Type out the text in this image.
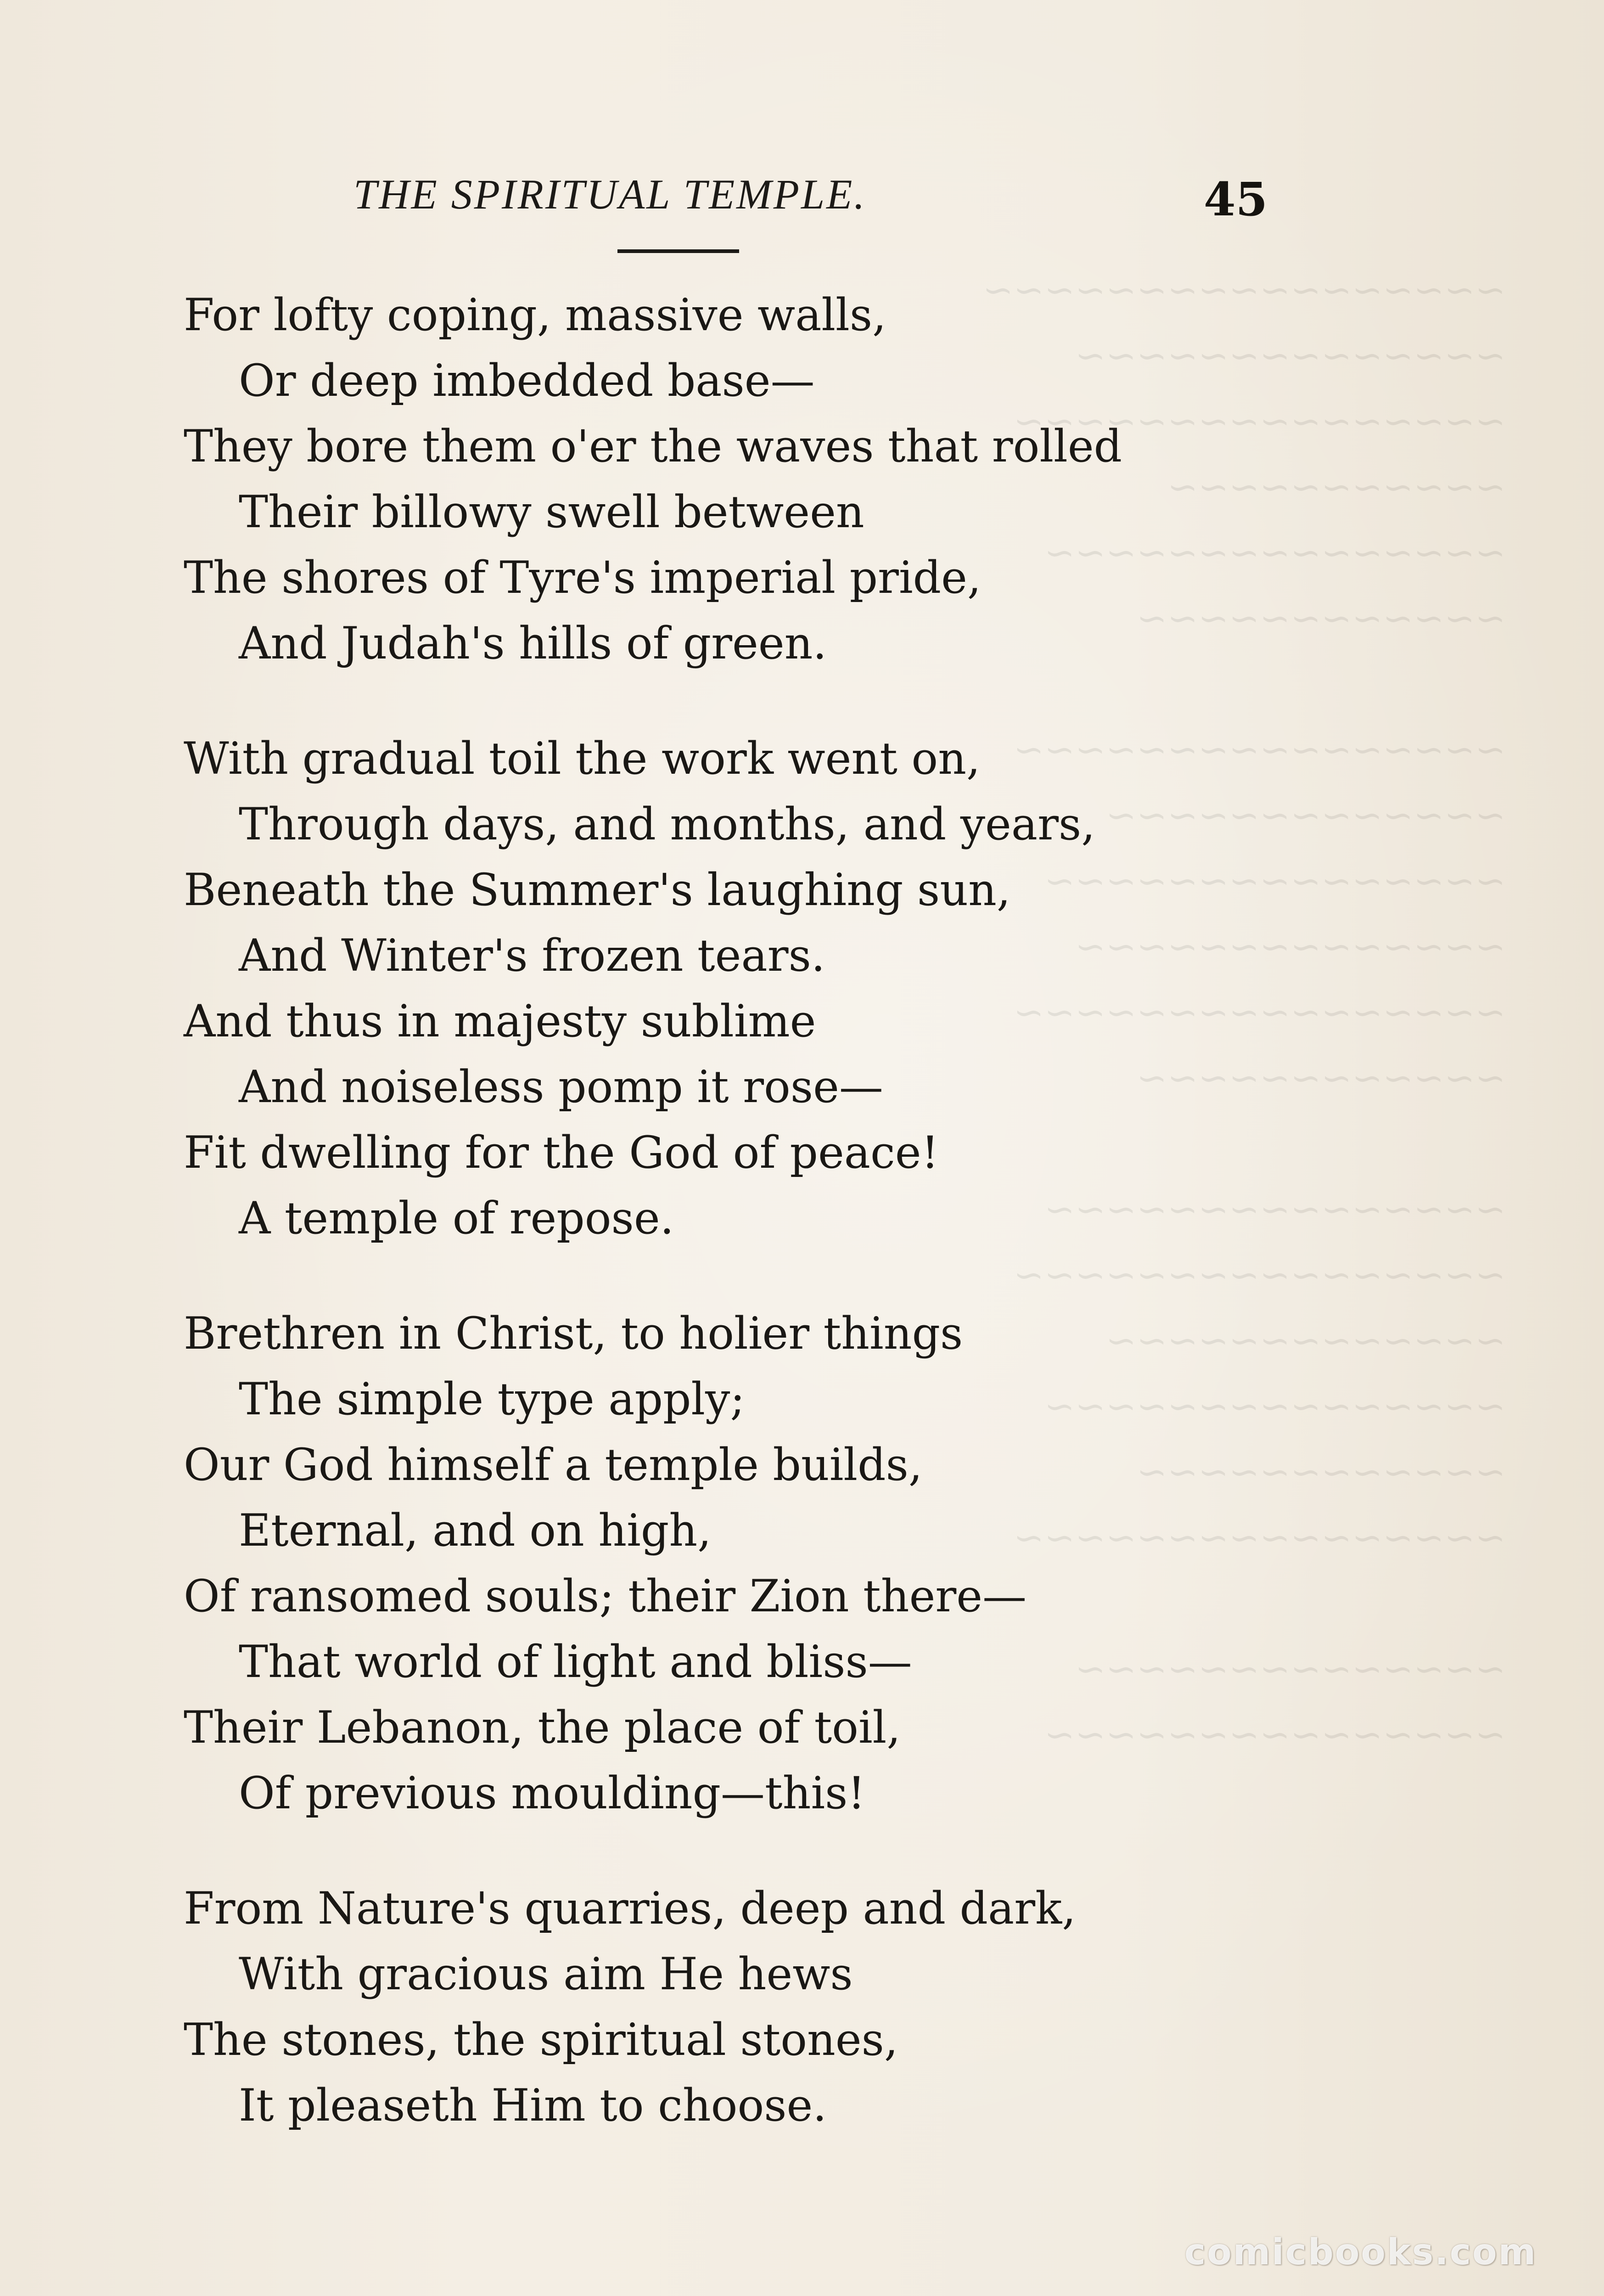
~~~~~~~~~~~~~~~~~
~~~~~~~~~~~~~~
~~~~~~~~~~~~~~~~
~~~~~~~~~~~
~~~~~~~~~~~~~~~
~~~~~~~~~~~~

~~~~~~~~~~~~~~~~
~~~~~~~~~~~~~
~~~~~~~~~~~~~~~
~~~~~~~~~~~~~~
~~~~~~~~~~~~~~~~
~~~~~~~~~~~~

~~~~~~~~~~~~~~~
~~~~~~~~~~~~~~~~
~~~~~~~~~~~~~
~~~~~~~~~~~~~~~
~~~~~~~~~~~~
~~~~~~~~~~~~~~~~

~~~~~~~~~~~~~~
~~~~~~~~~~~~~~~
THE SPIRITUAL TEMPLE.	45

For lofty coping, massive walls,
Or deep imbedded base—
They bore them o'er the waves that rolled
Their billowy swell between
The shores of Tyre's imperial pride,
And Judah's hills of green.

With gradual toil the work went on,
Through days, and months, and years,
Beneath the Summer's laughing sun,
And Winter's frozen tears.
And thus in majesty sublime
And noiseless pomp it rose—
Fit dwelling for the God of peace!
A temple of repose.

Brethren in Christ, to holier things
The simple type apply;
Our God himself a temple builds,
Eternal, and on high,
Of ransomed souls; their Zion there—
That world of light and bliss—
Their Lebanon, the place of toil,
Of previous moulding—this!

From Nature's quarries, deep and dark,
With gracious aim He hews
The stones, the spiritual stones,
It pleaseth Him to choose.

comicbooks.com
